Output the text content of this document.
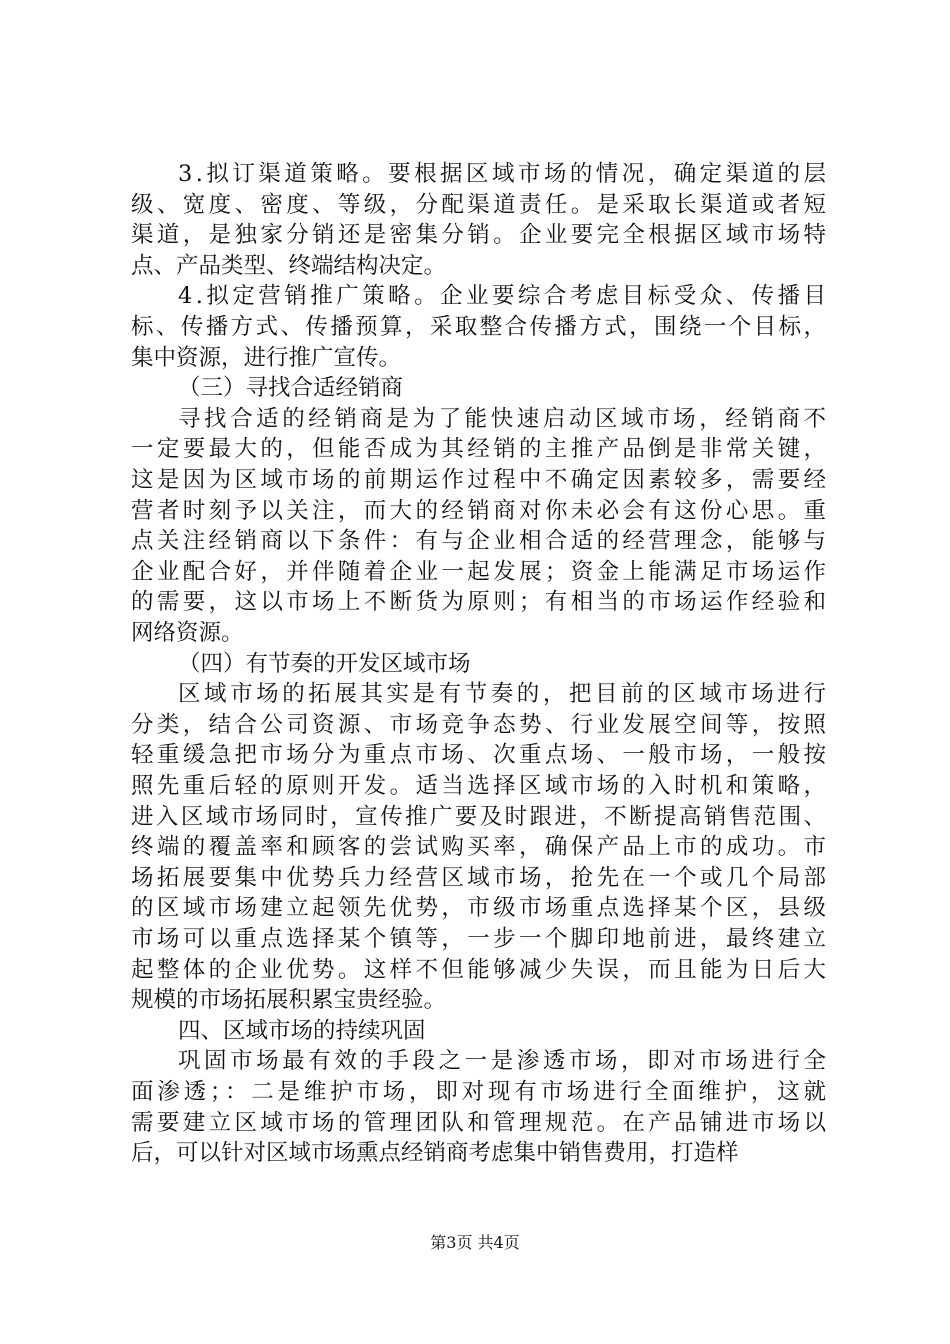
3.拟订渠道策略。要根据区域市场的情况，确定渠道的层
级、宽度、密度、等级，分配渠道责任。是采取长渠道或者短
渠道，是独家分销还是密集分销。企业要完全根据区域市场特
点、产品类型、终端结构决定。
4.拟定营销推广策略。企业要综合考虑目标受众、传播目
标、传播方式、传播预算，采取整合传播方式，围绕一个目标，
集中资源，进行推广宣传。
（三）寻找合适经销商
寻找合适的经销商是为了能快速启动区域市场，经销商不
一定要最大的，但能否成为其经销的主推产品倒是非常关键，
这是因为区域市场的前期运作过程中不确定因素较多，需要经
营者时刻予以关注，而大的经销商对你未必会有这份心思。重
点关注经销商以下条件：有与企业相合适的经营理念，能够与
企业配合好，并伴随着企业一起发展；资金上能满足市场运作
的需要，这以市场上不断货为原则；有相当的市场运作经验和
网络资源。
（四）有节奏的开发区域市场
区域市场的拓展其实是有节奏的，把目前的区域市场进行
分类，结合公司资源、市场竞争态势、行业发展空间等，按照
轻重缓急把市场分为重点市场、次重点场、一般市场，一般按
照先重后轻的原则开发。适当选择区域市场的入时机和策略，
进入区域市场同时，宣传推广要及时跟进，不断提高销售范围、
终端的覆盖率和顾客的尝试购买率，确保产品上市的成功。市
场拓展要集中优势兵力经营区域市场，抢先在一个或几个局部
的区域市场建立起领先优势，市级市场重点选择某个区，县级
市场可以重点选择某个镇等，一步一个脚印地前进，最终建立
起整体的企业优势。这样不但能够减少失误，而且能为日后大
规模的市场拓展积累宝贵经验。
四、区域市场的持续巩固
巩固市场最有效的手段之一是渗透市场，即对市场进行全
面渗透；：二是维护市场，即对现有市场进行全面维护，这就
需要建立区域市场的管理团队和管理规范。在产品铺进市场以
后，可以针对区域市场熏点经销商考虑集中销售费用，打造样
第3页 共4页
